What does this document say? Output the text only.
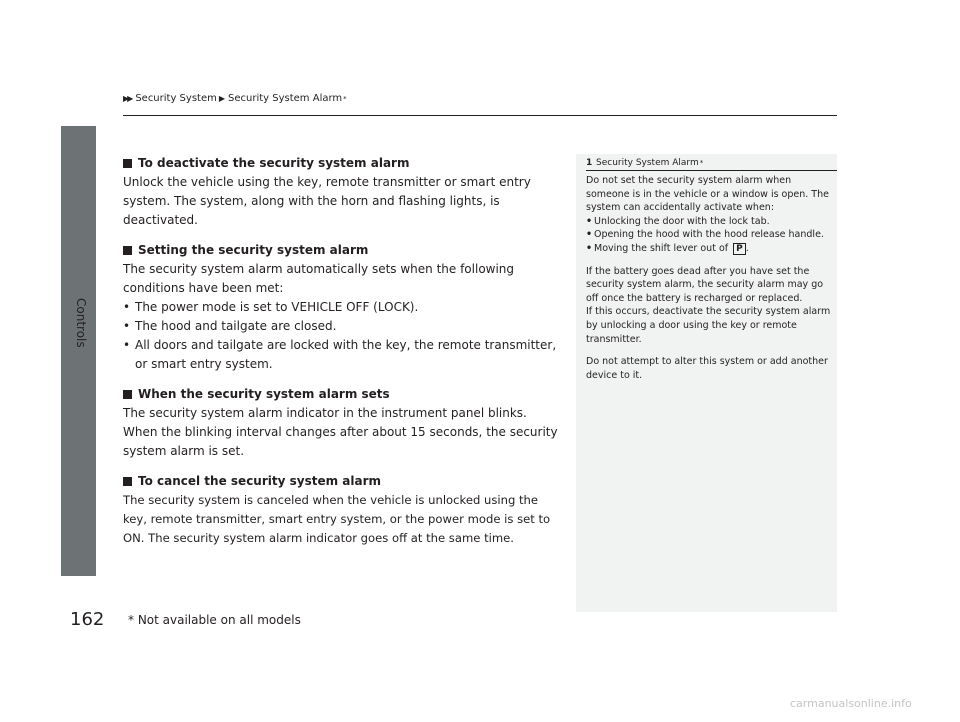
Controls
▶▶ Security System ▶ Security System Alarm *
To deactivate the security system alarm

Unlock the vehicle using the key, remote transmitter or smart entry system. The system, along with the horn and flashing lights, is deactivated.

Setting the security system alarm

The security system alarm automatically sets when the following conditions have been met:

• The power mode is set to VEHICLE OFF (LOCK).
• The hood and tailgate are closed.
• All doors and tailgate are locked with the key, the remote transmitter, or smart entry system.
When the security system alarm sets

The security system alarm indicator in the instrument panel blinks. When the blinking interval changes after about 15 seconds, the security system alarm is set.

To cancel the security system alarm

The security system is canceled when the vehicle is unlocked using the key, remote transmitter, smart entry system, or the power mode is set to ON. The security system alarm indicator goes off at the same time.

1 Security System Alarm *

Do not set the security system alarm when someone is in the vehicle or a window is open. The system can accidentally activate when:

• Unlocking the door with the lock tab.
• Opening the hood with the hood release handle.
• Moving the shift lever out of P .

If the battery goes dead after you have set the security system alarm, the security alarm may go off once the battery is recharged or replaced.

If this occurs, deactivate the security system alarm by unlocking a door using the key or remote transmitter.

Do not attempt to alter this system or add another device to it.

162 * Not available on all models
carmanualsonline.info
